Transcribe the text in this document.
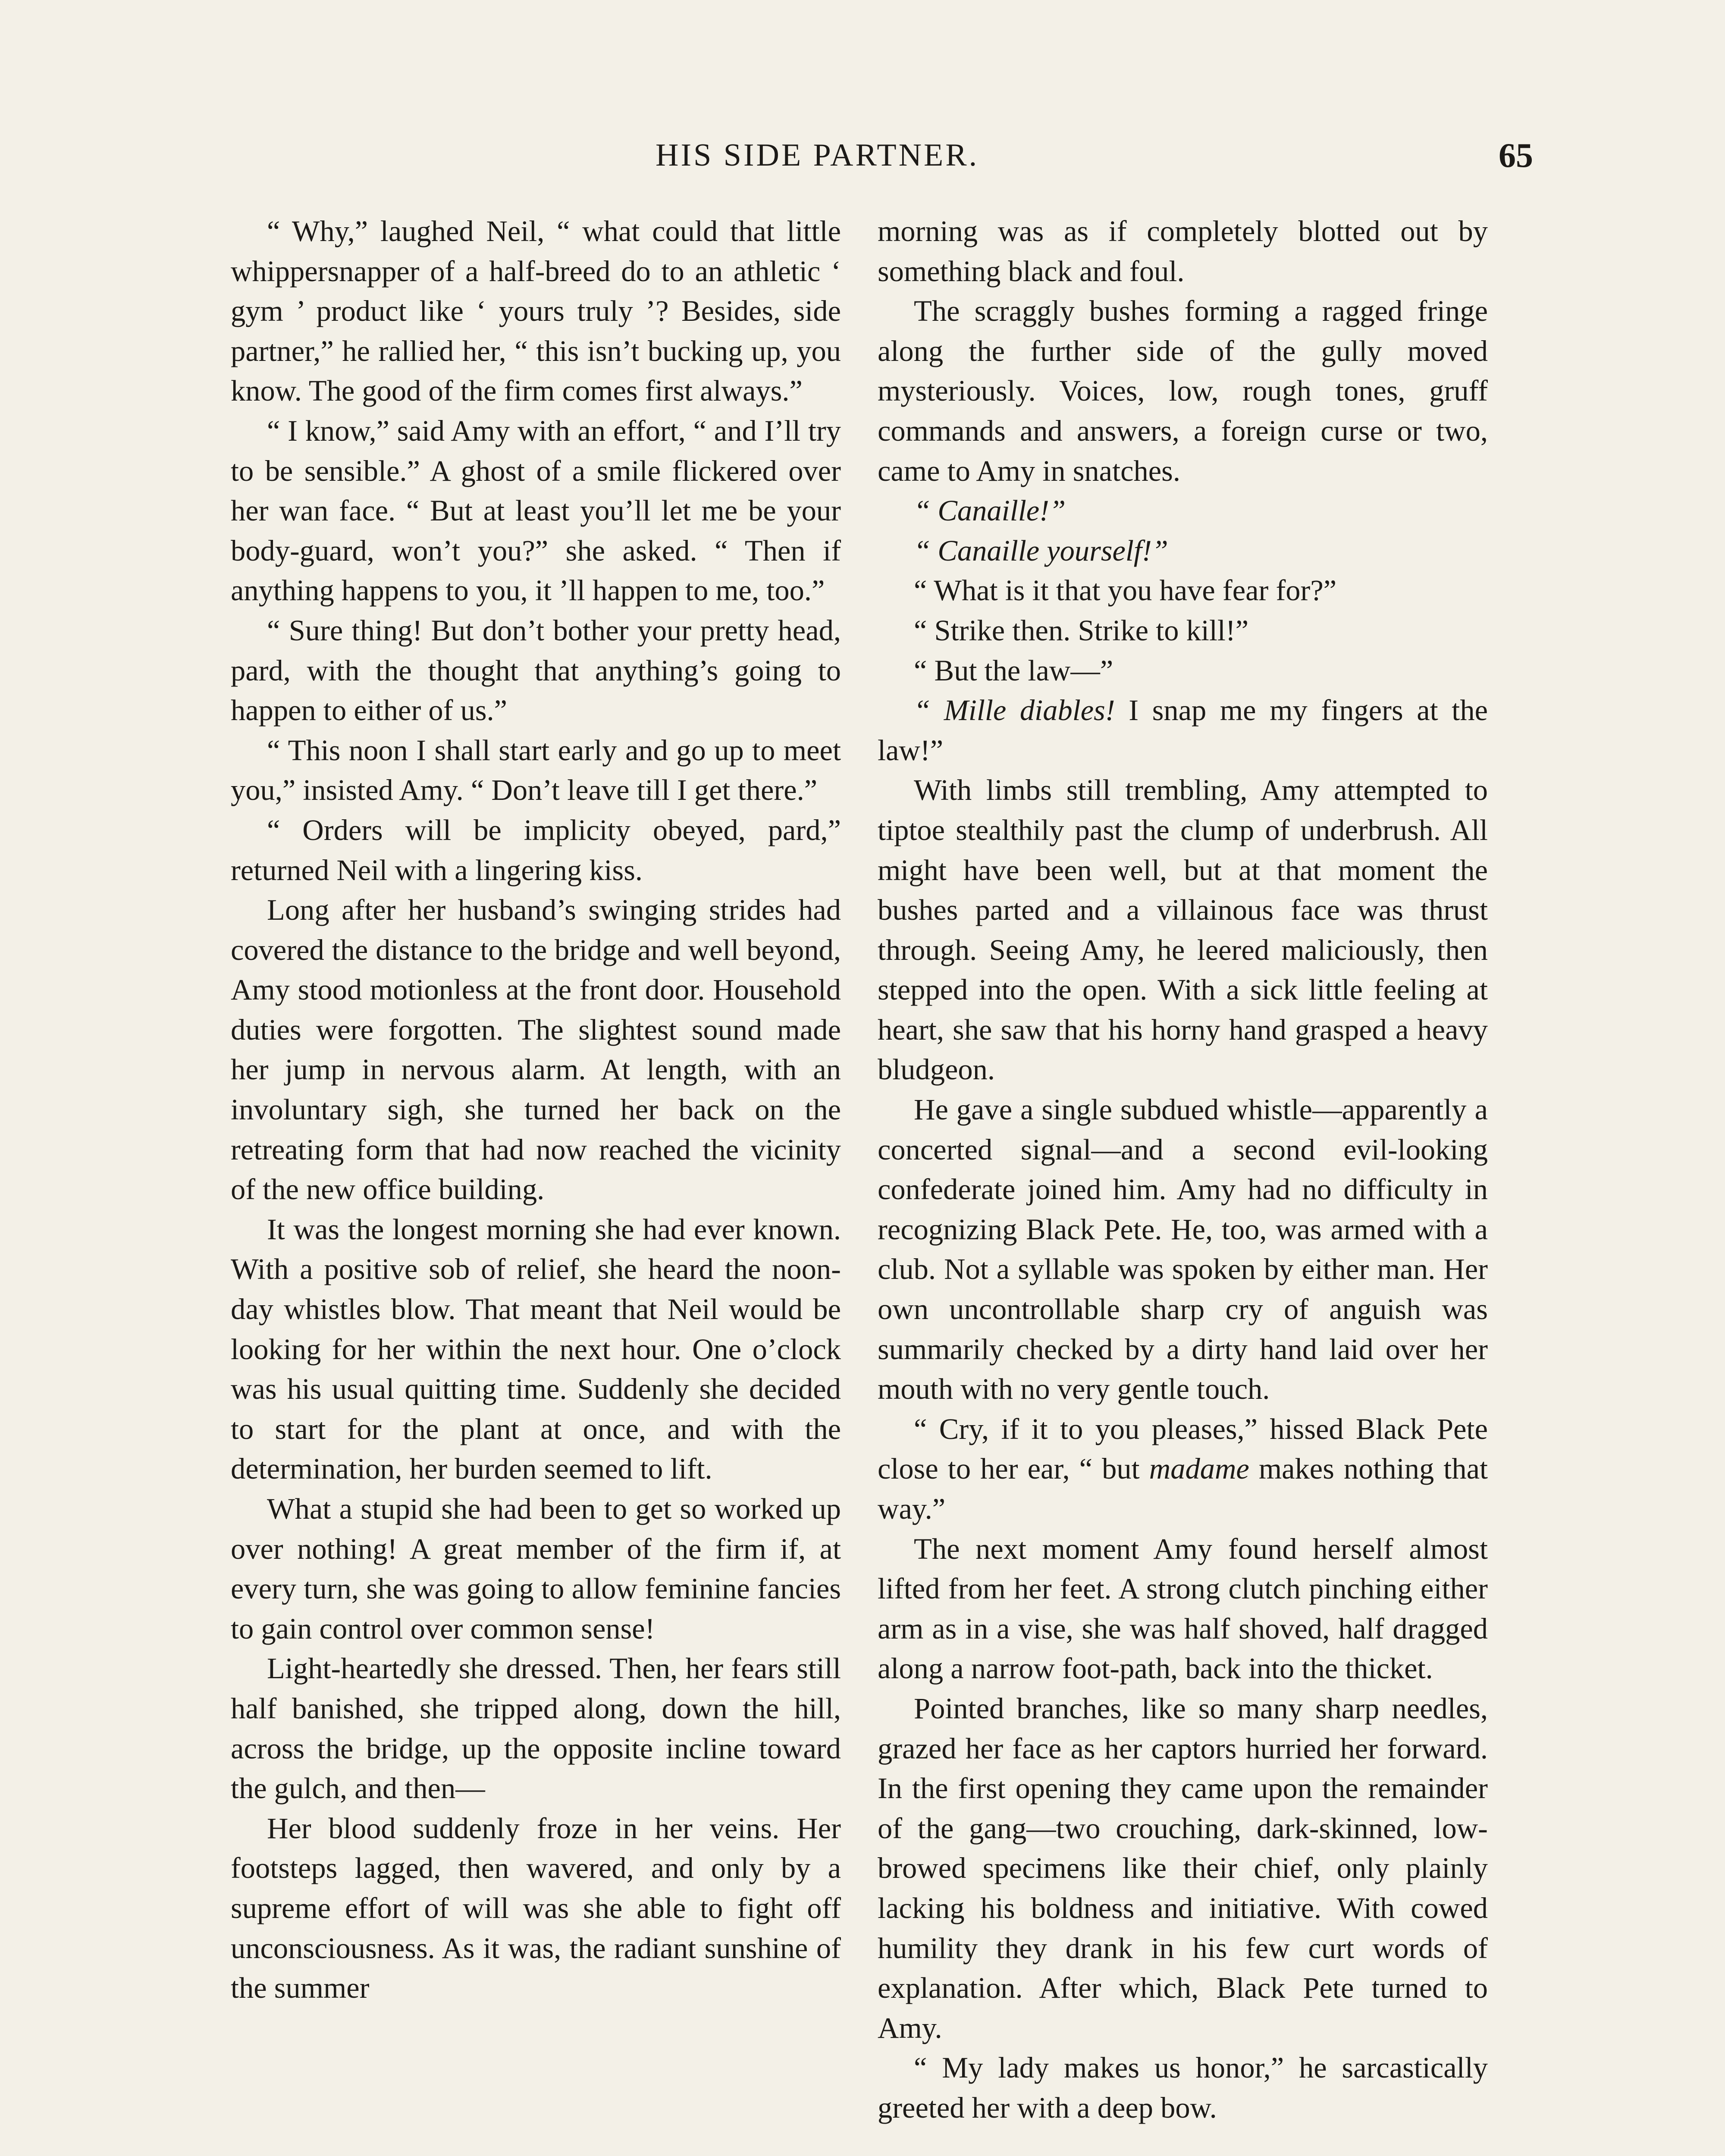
HIS SIDE PARTNER.	65

“ Why,” laughed Neil, “ what could that little whippersnapper of a half-breed do to an athletic ‘ gym ’ product like ‘ yours truly ’? Besides, side partner,” he rallied her, “ this isn’t bucking up, you know. The good of the firm comes first always.”

“ I know,” said Amy with an effort, “ and I’ll try to be sensible.” A ghost of a smile flickered over her wan face. “ But at least you’ll let me be your body-guard, won’t you?” she asked. “ Then if anything happens to you, it ’ll happen to me, too.”

“ Sure thing! But don’t bother your pretty head, pard, with the thought that anything’s going to happen to either of us.”

“ This noon I shall start early and go up to meet you,” insisted Amy. “ Don’t leave till I get there.”

“ Orders will be implicity obeyed, pard,” returned Neil with a lingering kiss.

Long after her husband’s swinging strides had covered the distance to the bridge and well beyond, Amy stood motionless at the front door. Household duties were forgotten. The slightest sound made her jump in nervous alarm. At length, with an involuntary sigh, she turned her back on the retreating form that had now reached the vicinity of the new office building.

It was the longest morning she had ever known. With a positive sob of relief, she heard the noon-day whistles blow. That meant that Neil would be looking for her within the next hour. One o’clock was his usual quitting time. Suddenly she decided to start for the plant at once, and with the determination, her burden seemed to lift.

What a stupid she had been to get so worked up over nothing! A great member of the firm if, at every turn, she was going to allow feminine fancies to gain control over common sense!

Light-heartedly she dressed. Then, her fears still half banished, she tripped along, down the hill, across the bridge, up the opposite incline toward the gulch, and then—

Her blood suddenly froze in her veins. Her footsteps lagged, then wavered, and only by a supreme effort of will was she able to fight off unconsciousness. As it was, the radiant sunshine of the summer

morning was as if completely blotted out by something black and foul.

The scraggly bushes forming a ragged fringe along the further side of the gully moved mysteriously. Voices, low, rough tones, gruff commands and answers, a foreign curse or two, came to Amy in snatches.

“ Canaille!”

“ Canaille yourself!”

“ What is it that you have fear for?”

“ Strike then. Strike to kill!”

“ But the law—”

“ Mille diables! I snap me my fingers at the law!”

With limbs still trembling, Amy attempted to tiptoe stealthily past the clump of underbrush. All might have been well, but at that moment the bushes parted and a villainous face was thrust through. Seeing Amy, he leered maliciously, then stepped into the open. With a sick little feeling at heart, she saw that his horny hand grasped a heavy bludgeon.

He gave a single subdued whistle—apparently a concerted signal—and a second evil-looking confederate joined him. Amy had no difficulty in recognizing Black Pete. He, too, was armed with a club. Not a syllable was spoken by either man. Her own uncontrollable sharp cry of anguish was summarily checked by a dirty hand laid over her mouth with no very gentle touch.

“ Cry, if it to you pleases,” hissed Black Pete close to her ear, “ but madame makes nothing that way.”

The next moment Amy found herself almost lifted from her feet. A strong clutch pinching either arm as in a vise, she was half shoved, half dragged along a narrow foot-path, back into the thicket.

Pointed branches, like so many sharp needles, grazed her face as her captors hurried her forward. In the first opening they came upon the remainder of the gang—two crouching, dark-skinned, low-browed specimens like their chief, only plainly lacking his boldness and initiative. With cowed humility they drank in his few curt words of explanation. After which, Black Pete turned to Amy.

“ My lady makes us honor,” he sarcastically greeted her with a deep bow.
